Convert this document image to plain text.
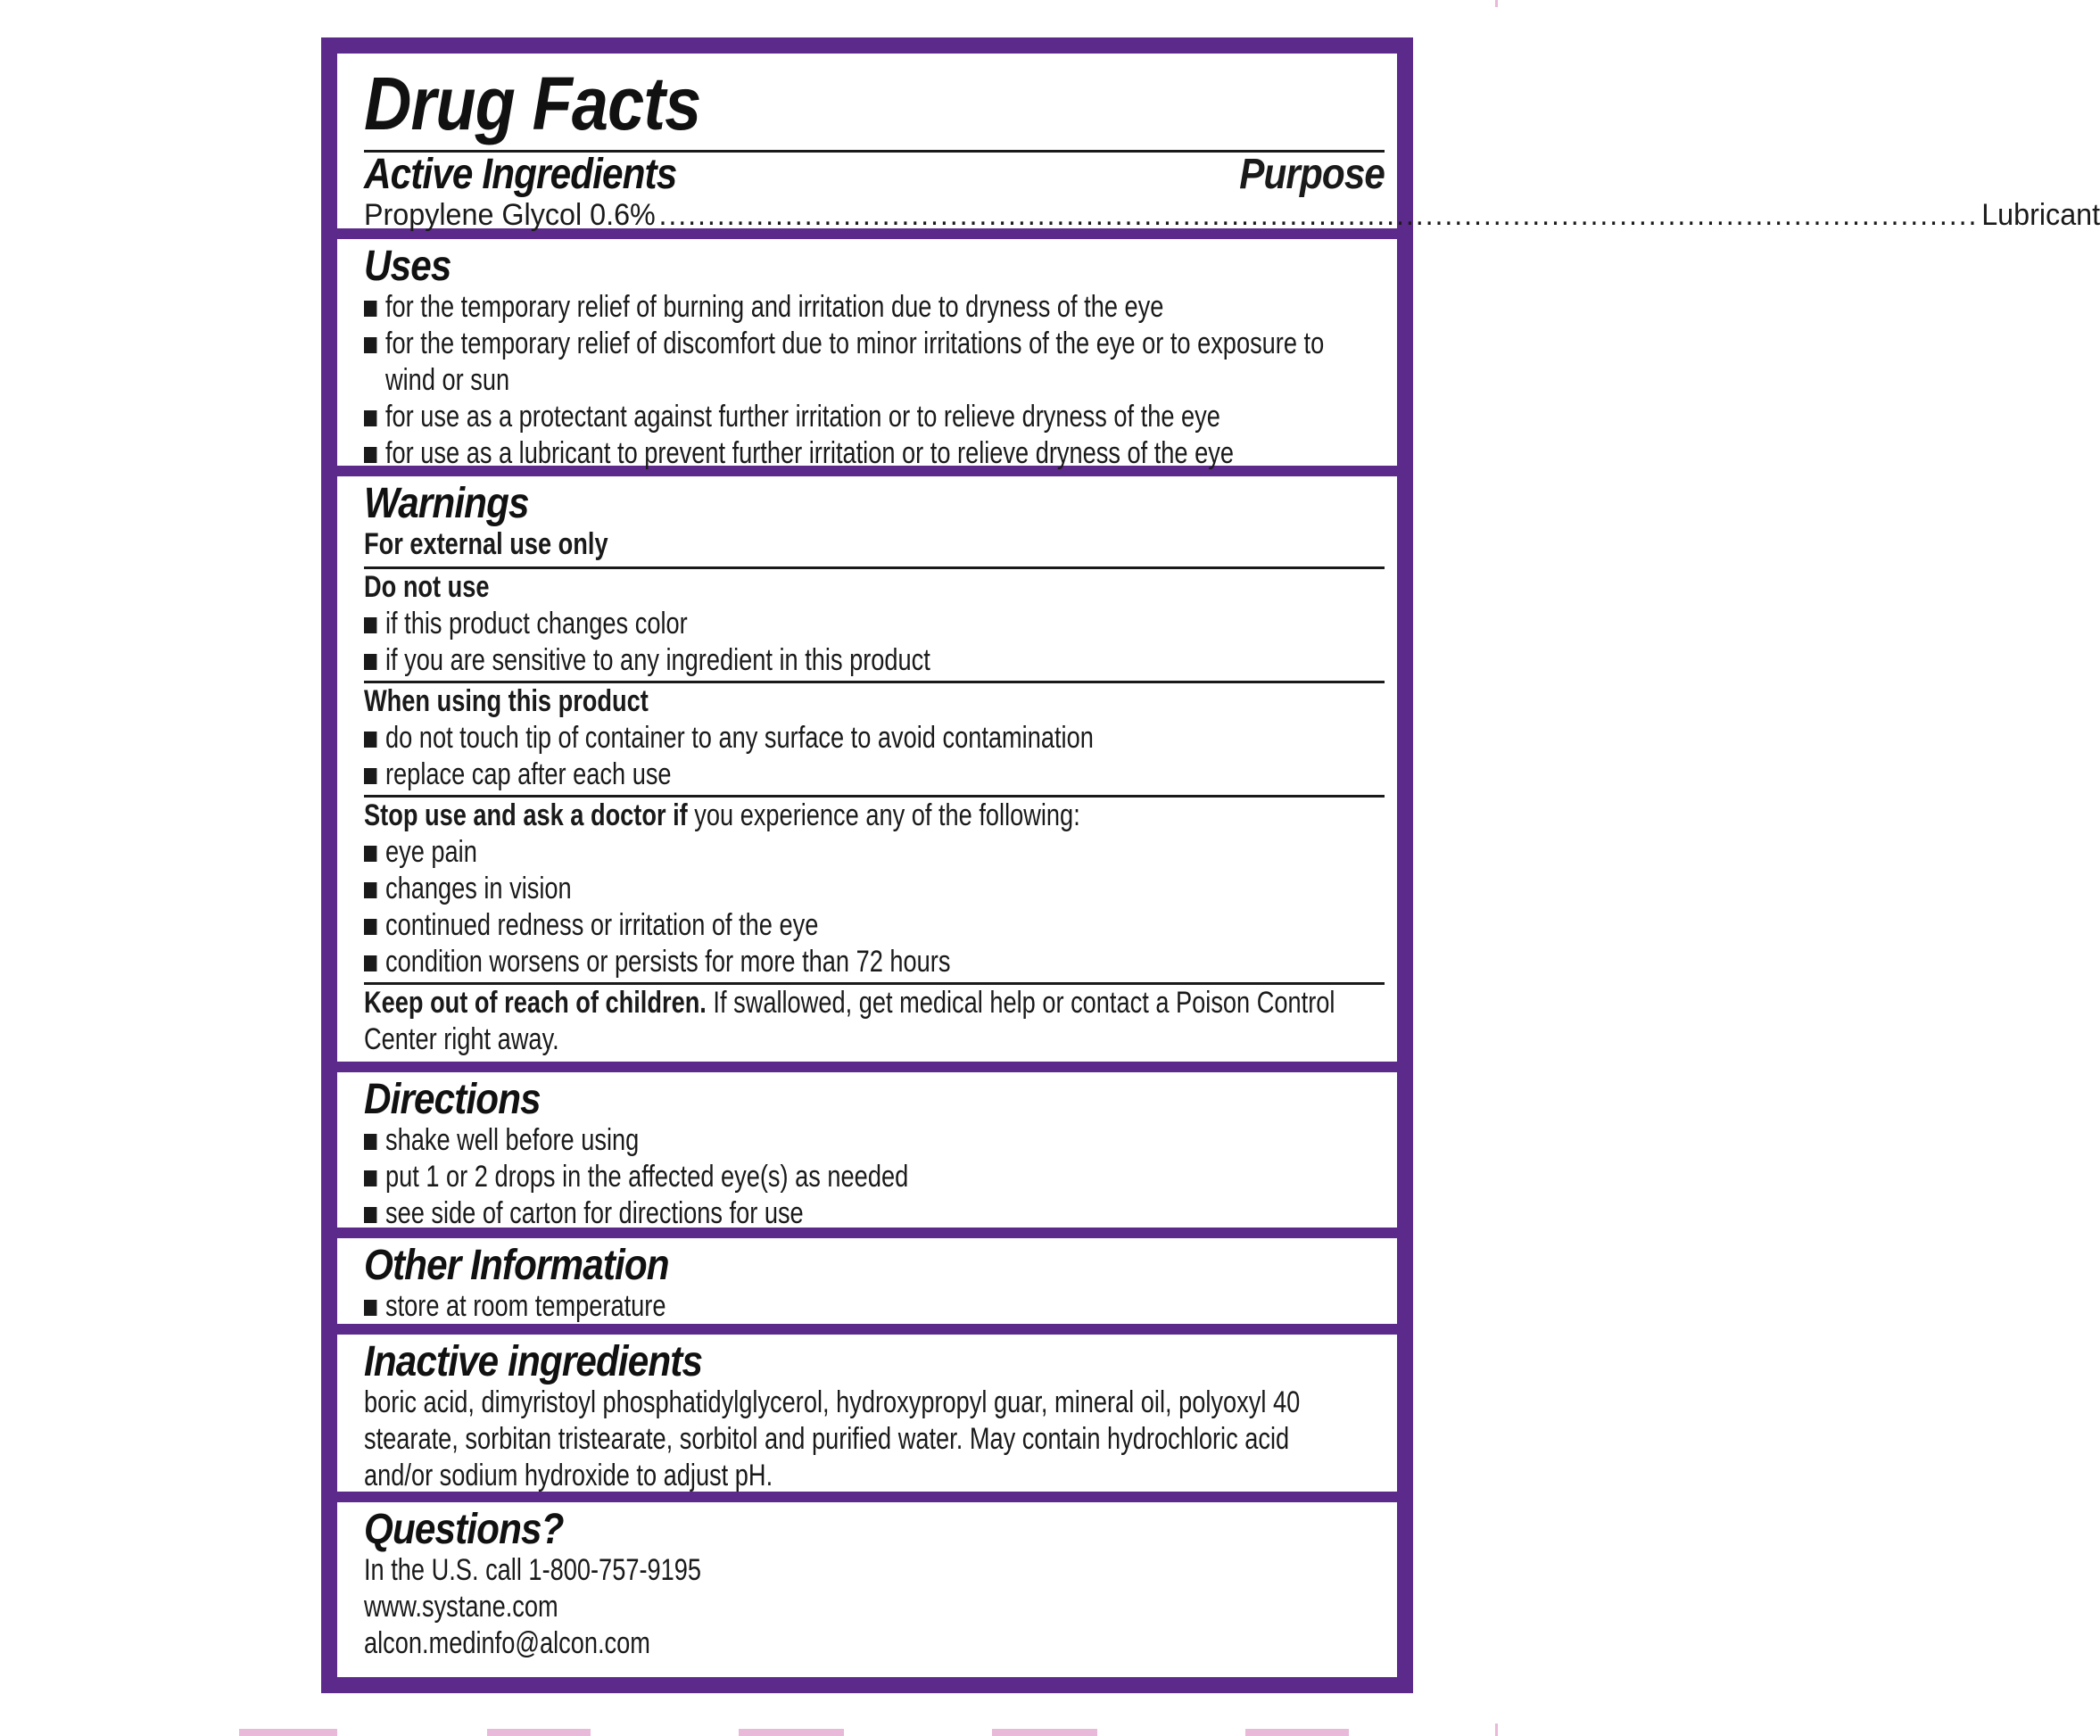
Drug Facts
Active Ingredients	Purpose
Propylene Glycol 0.6% ........................................................................................................................................ Lubricant
Uses
for the temporary relief of burning and irritation due to dryness of the eye
for the temporary relief of discomfort due to minor irritations of the eye or to exposure to
wind or sun
for use as a protectant against further irritation or to relieve dryness of the eye
for use as a lubricant to prevent further irritation or to relieve dryness of the eye
Warnings
For external use only
Do not use
if this product changes color
if you are sensitive to any ingredient in this product
When using this product
do not touch tip of container to any surface to avoid contamination
replace cap after each use
Stop use and ask a doctor if you experience any of the following:
eye pain
changes in vision
continued redness or irritation of the eye
condition worsens or persists for more than 72 hours
Keep out of reach of children. If swallowed, get medical help or contact a Poison Control
Center right away.
Directions
shake well before using
put 1 or 2 drops in the affected eye(s) as needed
see side of carton for directions for use
Other Information
store at room temperature
Inactive ingredients
boric acid, dimyristoyl phosphatidylglycerol, hydroxypropyl guar, mineral oil, polyoxyl 40
stearate, sorbitan tristearate, sorbitol and purified water. May contain hydrochloric acid
and/or sodium hydroxide to adjust pH.
Questions?
In the U.S. call 1-800-757-9195
www.systane.com
alcon.medinfo@alcon.com
